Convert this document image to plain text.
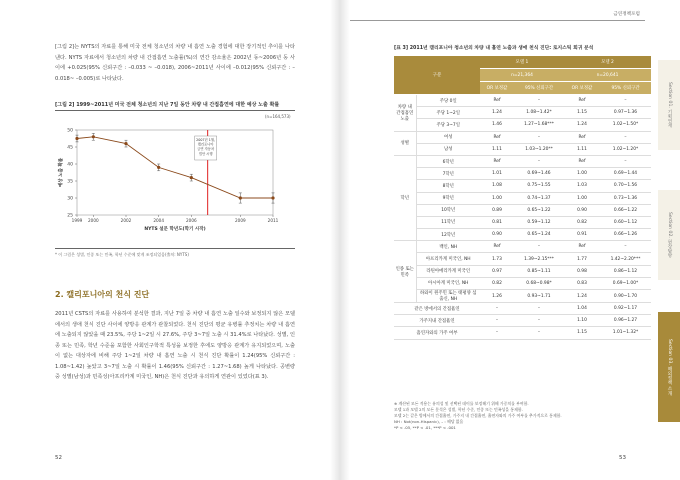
[그림 2]는 NYTS의 자료를 통해 미국 전체 청소년의 차량 내 흡연 노출 경험에 대한 장기적인 추이를 나타낸다. NYTS 자료에서 청소년의 차량 내 간접흡연 노출률(%)의 연간 감소율은 2002년 동~2006년 동 사이에 +0.025(95% 신뢰구간 : –0.033 ~ –0.018), 2006~2011년 사이에 –0.012(95% 신뢰구간 : –0.018~ –0.005)로 나타났다.
[그림 2] 1999~2011년 미국 전체 청소년의 지난 7일 동안 차량 내 간접흡연에 대한 예상 노출 확률
(n=164,573)
25
30
35
40
45
50
1999 2000	2002	2004	2006	2009	2011
NYTS 설문 학년도(학기 시작)
예상 노출 확률
2007년 1월, 캘리포니아 금연 자동차 법안 시행
* 이 그림은 성별, 인종 또는 민족, 학년 수준에 맞게 조정되었음(출처: NYTS)
2. 캘리포니아의 천식 진단
2011년 CSTS의 자료를 사용하여 분석한 결과, 지난 7일 중 차량 내 흡연 노출 일수와 보정되지 않은 모델에서의 생애 천식 진단 사이에 양방응 관계가 관찰되었다. 천식 진단의 평균 유병률 추정치는 차량 내 흡연에 노출되지 않았을 때 23.5%, 주당 1~2일 시 27.6%, 주당 3~7일 노출 시 31.4%로 나타났다. 성별, 인종 또는 민족, 학년 수준을 포함한 사회인구학적 특성을 보정한 후에도 양방응 관계가 유지되었으며, 노출이 없는 대상자에 비해 주당 1~2일 차량 내 흡연 노출 시 천식 진단 확률이 1.24(95% 신뢰구간 : 1.08~1.42) 높았고 3~7일 노출 시 확률이 1.46(95% 신뢰구간 : 1.27~1.68) 높게 나타났다. 공변량 중 성별(남성)과 민족성(아프리카계 미국인, NH)은 천식 진단과 유의하게 연관이 있었다(표 3).
52
금연정책포럼
[표 3] 2011년 캘리포니아 청소년의 차량 내 흡연 노출과 생애 천식 진단: 로지스틱 회귀 분석
구분		모델 1		모델 2	
		n=21,364		n=20,641	
		OR 보정값	95% 신뢰구간	OR 보정값	95% 신뢰구간
차량 내 간접흡연 노출	주당 0일	Ref	–	Ref	–
	주당 1~2일	1.24	1.08~1.42*	1.15	0.97~1.36
	주당 3~7일	1.46	1.27~1.68***	1.24	1.02~1.50*
성별	여성	Ref	–	Ref	–
	남성	1.11	1.03~1.20**	1.11	1.02~1.20*
학년	6학년	Ref	–	Ref	–
	7학년	1.01	0.69~1.46	1.00	0.69~1.44
	8학년	1.08	0.75~1.55	1.03	0.70~1.56
	9학년	1.00	0.74~1.37	1.00	0.73~1.36
	10학년	0.89	0.65~1.22	0.90	0.66~1.22
	11학년	0.81	0.59~1.12	0.82	0.60~1.12
	12학년	0.90	0.65~1.24	0.91	0.66~1.26
인종 또는 민족	백인, NH	Ref	–	Ref	–
	아프리카계 미국인, NH	1.73	1.39~2.15***	1.77	1.42~2.20***
	라틴아메리카계 미국인	0.97	0.85~1.11	0.98	0.86~1.12
	아시아계 미국인, NH	0.82	0.68~0.98*	0.83	0.69~1.00*
	하와이 원주민 또는 태평양 섬 출신, NH	1.26	0.93~1.71	1.24	0.90~1.70
같은 방에서의 간접흡연		–	–	1.04	0.92~1.17
가주지내 간접흡연		–	–	1.10	0.96~1.27
흡연자와의 가주 여부		–	–	1.15	1.01~1.32*
※ 계산된 모든 적용는 유의성 및 선택된 데이를 보정해기 위해 가중치를 부여함.
모델 1과 모델 2의 모든 분석은 성별, 학년 수준, 인종 또는 민족성을 통제함.
모델 2는 같은 방에서의 간접흡연, 가주지 내 간접흡연, 흡연자와의 가주 여부를 추가적으로 통제함.
NH : Not(non-Hispanic), – : 해당 없음
*P < .05, **P < .01, ***P < .001
53
Section 01. 기획연재
Section 02. 현장탐방
Section 03. 해외정책 소개
